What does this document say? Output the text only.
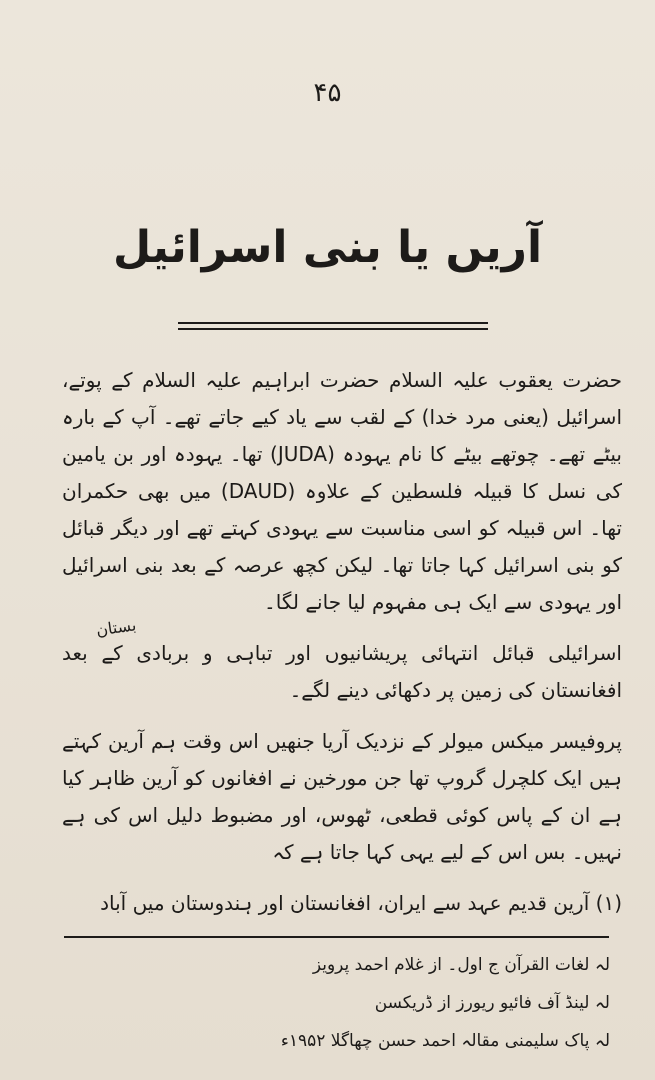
۴۵
آریں یا بنی اسرائیل
بستان

حضرت یعقوب علیہ السلام حضرت ابراہیم علیہ السلام کے پوتے، اسرائیل (یعنی مرد خدا) کے لقب سے یاد کیے جاتے تھے۔ آپ کے بارہ بیٹے تھے۔ چوتھے بیٹے کا نام یہودہ (JUDA) تھا۔ یہودہ اور بن یامین کی نسل کا قبیلہ فلسطین کے علاوہ (DAUD) میں بھی حکمران تھا۔ اس قبیلہ کو اسی مناسبت سے یہودی کہتے تھے اور دیگر قبائل کو بنی اسرائیل کہا جاتا تھا۔ لیکن کچھ عرصہ کے بعد بنی اسرائیل اور یہودی سے ایک ہی مفہوم لیا جانے لگا۔

اسرائیلی قبائل انتہائی پریشانیوں اور تباہی و بربادی کے بعد افغانستان کی زمین پر دکھائی دینے لگے۔

پروفیسر میکس میولر کے نزدیک آریا جنھیں اس وقت ہم آرین کہتے ہیں ایک کلچرل گروپ تھا جن مورخین نے افغانوں کو آرین ظاہر کیا ہے ان کے پاس کوئی قطعی، ٹھوس، اور مضبوط دلیل اس کی ہے نہیں۔ بس اس کے لیے یہی کہا جاتا ہے کہ

(۱) آرین قدیم عہد سے ایران، افغانستان اور ہندوستان میں آباد

لہ لغات القرآن ج اول۔ از غلام احمد پرویز
لہ لینڈ آف فائیو ریورز از ڈریکسن
لہ پاک سلیمنی مقالہ احمد حسن چھاگلا ۱۹۵۲ء
